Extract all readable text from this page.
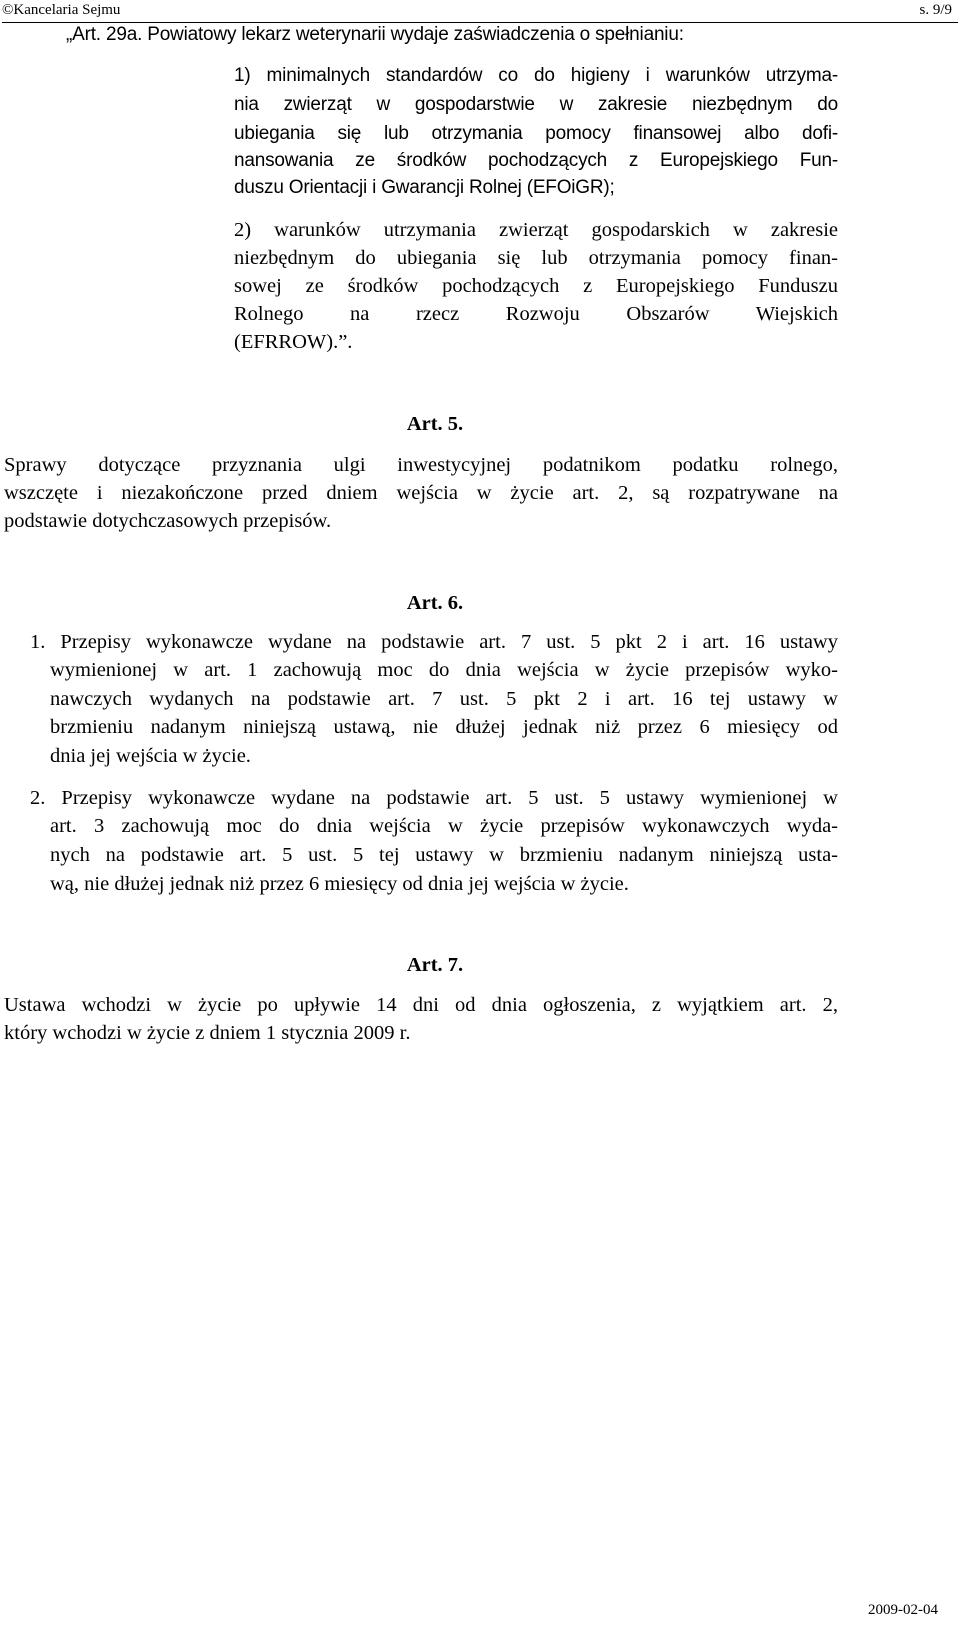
©Kancelaria Sejmu	s. 9/9
„Art. 29a. Powiatowy lekarz weterynarii wydaje zaświadczenia o spełnianiu:
1) minimalnych standardów co do higieny i warunków utrzyma-
nia zwierząt w gospodarstwie w zakresie niezbędnym do
ubiegania się lub otrzymania pomocy finansowej albo dofi-
nansowania ze środków pochodzących z Europejskiego Fun-
duszu Orientacji i Gwarancji Rolnej (EFOiGR);
2) warunków utrzymania zwierząt gospodarskich w zakresie
niezbędnym do ubiegania się lub otrzymania pomocy finan-
sowej ze środków pochodzących z Europejskiego Funduszu
Rolnego na rzecz Rozwoju Obszarów Wiejskich
(EFRROW).”.
Art. 5.
Sprawy dotyczące przyznania ulgi inwestycyjnej podatnikom podatku rolnego,
wszczęte i niezakończone przed dniem wejścia w życie art. 2, są rozpatrywane na
podstawie dotychczasowych przepisów.
Art. 6.
1. Przepisy wykonawcze wydane na podstawie art. 7 ust. 5 pkt 2 i art. 16 ustawy
wymienionej w art. 1 zachowują moc do dnia wejścia w życie przepisów wyko-
nawczych wydanych na podstawie art. 7 ust. 5 pkt 2 i art. 16 tej ustawy w
brzmieniu nadanym niniejszą ustawą, nie dłużej jednak niż przez 6 miesięcy od
dnia jej wejścia w życie.
2. Przepisy wykonawcze wydane na podstawie art. 5 ust. 5 ustawy wymienionej w
art. 3 zachowują moc do dnia wejścia w życie przepisów wykonawczych wyda-
nych na podstawie art. 5 ust. 5 tej ustawy w brzmieniu nadanym niniejszą usta-
wą, nie dłużej jednak niż przez 6 miesięcy od dnia jej wejścia w życie.
Art. 7.
Ustawa wchodzi w życie po upływie 14 dni od dnia ogłoszenia, z wyjątkiem art. 2,
który wchodzi w życie z dniem 1 stycznia 2009 r.
2009-02-04
